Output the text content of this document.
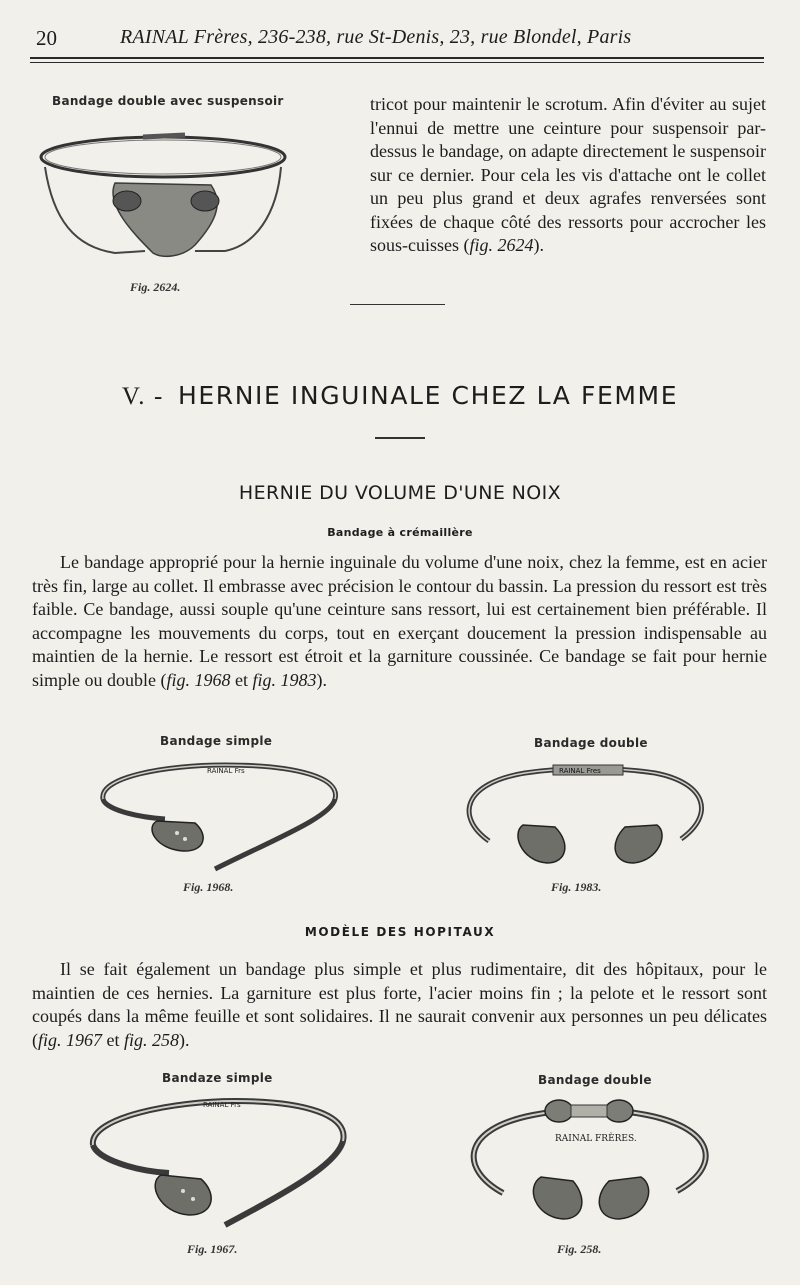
20	RAINAL Frères, 236-238, rue St-Denis, 23, rue Blondel, Paris
Bandage double avec suspensoir
Fig. 2624.
tricot pour maintenir le scrotum. Afin d'éviter au sujet l'ennui de mettre une ceinture pour suspensoir par-dessus le bandage, on adapte directement le suspensoir sur ce dernier. Pour cela les vis d'attache ont le collet un peu plus grand et deux agrafes renversées sont fixées de chaque côté des ressorts pour accrocher les sous-cuisses (fig. 2624).
V. - HERNIE INGUINALE CHEZ LA FEMME
HERNIE DU VOLUME D'UNE NOIX
Bandage à crémaillère
Le bandage approprié pour la hernie inguinale du volume d'une noix, chez la femme, est en acier très fin, large au collet. Il embrasse avec précision le contour du bassin. La pression du ressort est très faible. Ce bandage, aussi souple qu'une ceinture sans ressort, lui est certainement bien préférable. Il accompagne les mouvements du corps, tout en exerçant doucement la pression indispensable au maintien de la hernie. Le ressort est étroit et la garniture coussinée. Ce bandage se fait pour hernie simple ou double (fig. 1968 et fig. 1983).
Bandage simple	Bandage double
RAINAL Frs	RAINAL Fres
Fig. 1968.	Fig. 1983.
MODÈLE DES HOPITAUX
Il se fait également un bandage plus simple et plus rudimentaire, dit des hôpitaux, pour le maintien de ces hernies. La garniture est plus forte, l'acier moins fin ; la pelote et le ressort sont coupés dans la même feuille et sont solidaires. Il ne saurait convenir aux personnes un peu délicates (fig. 1967 et fig. 258).
Bandaze simple	Bandage double
RAINAL Frs
RAINAL FRÈRES.
Fig. 1967.	Fig. 258.
